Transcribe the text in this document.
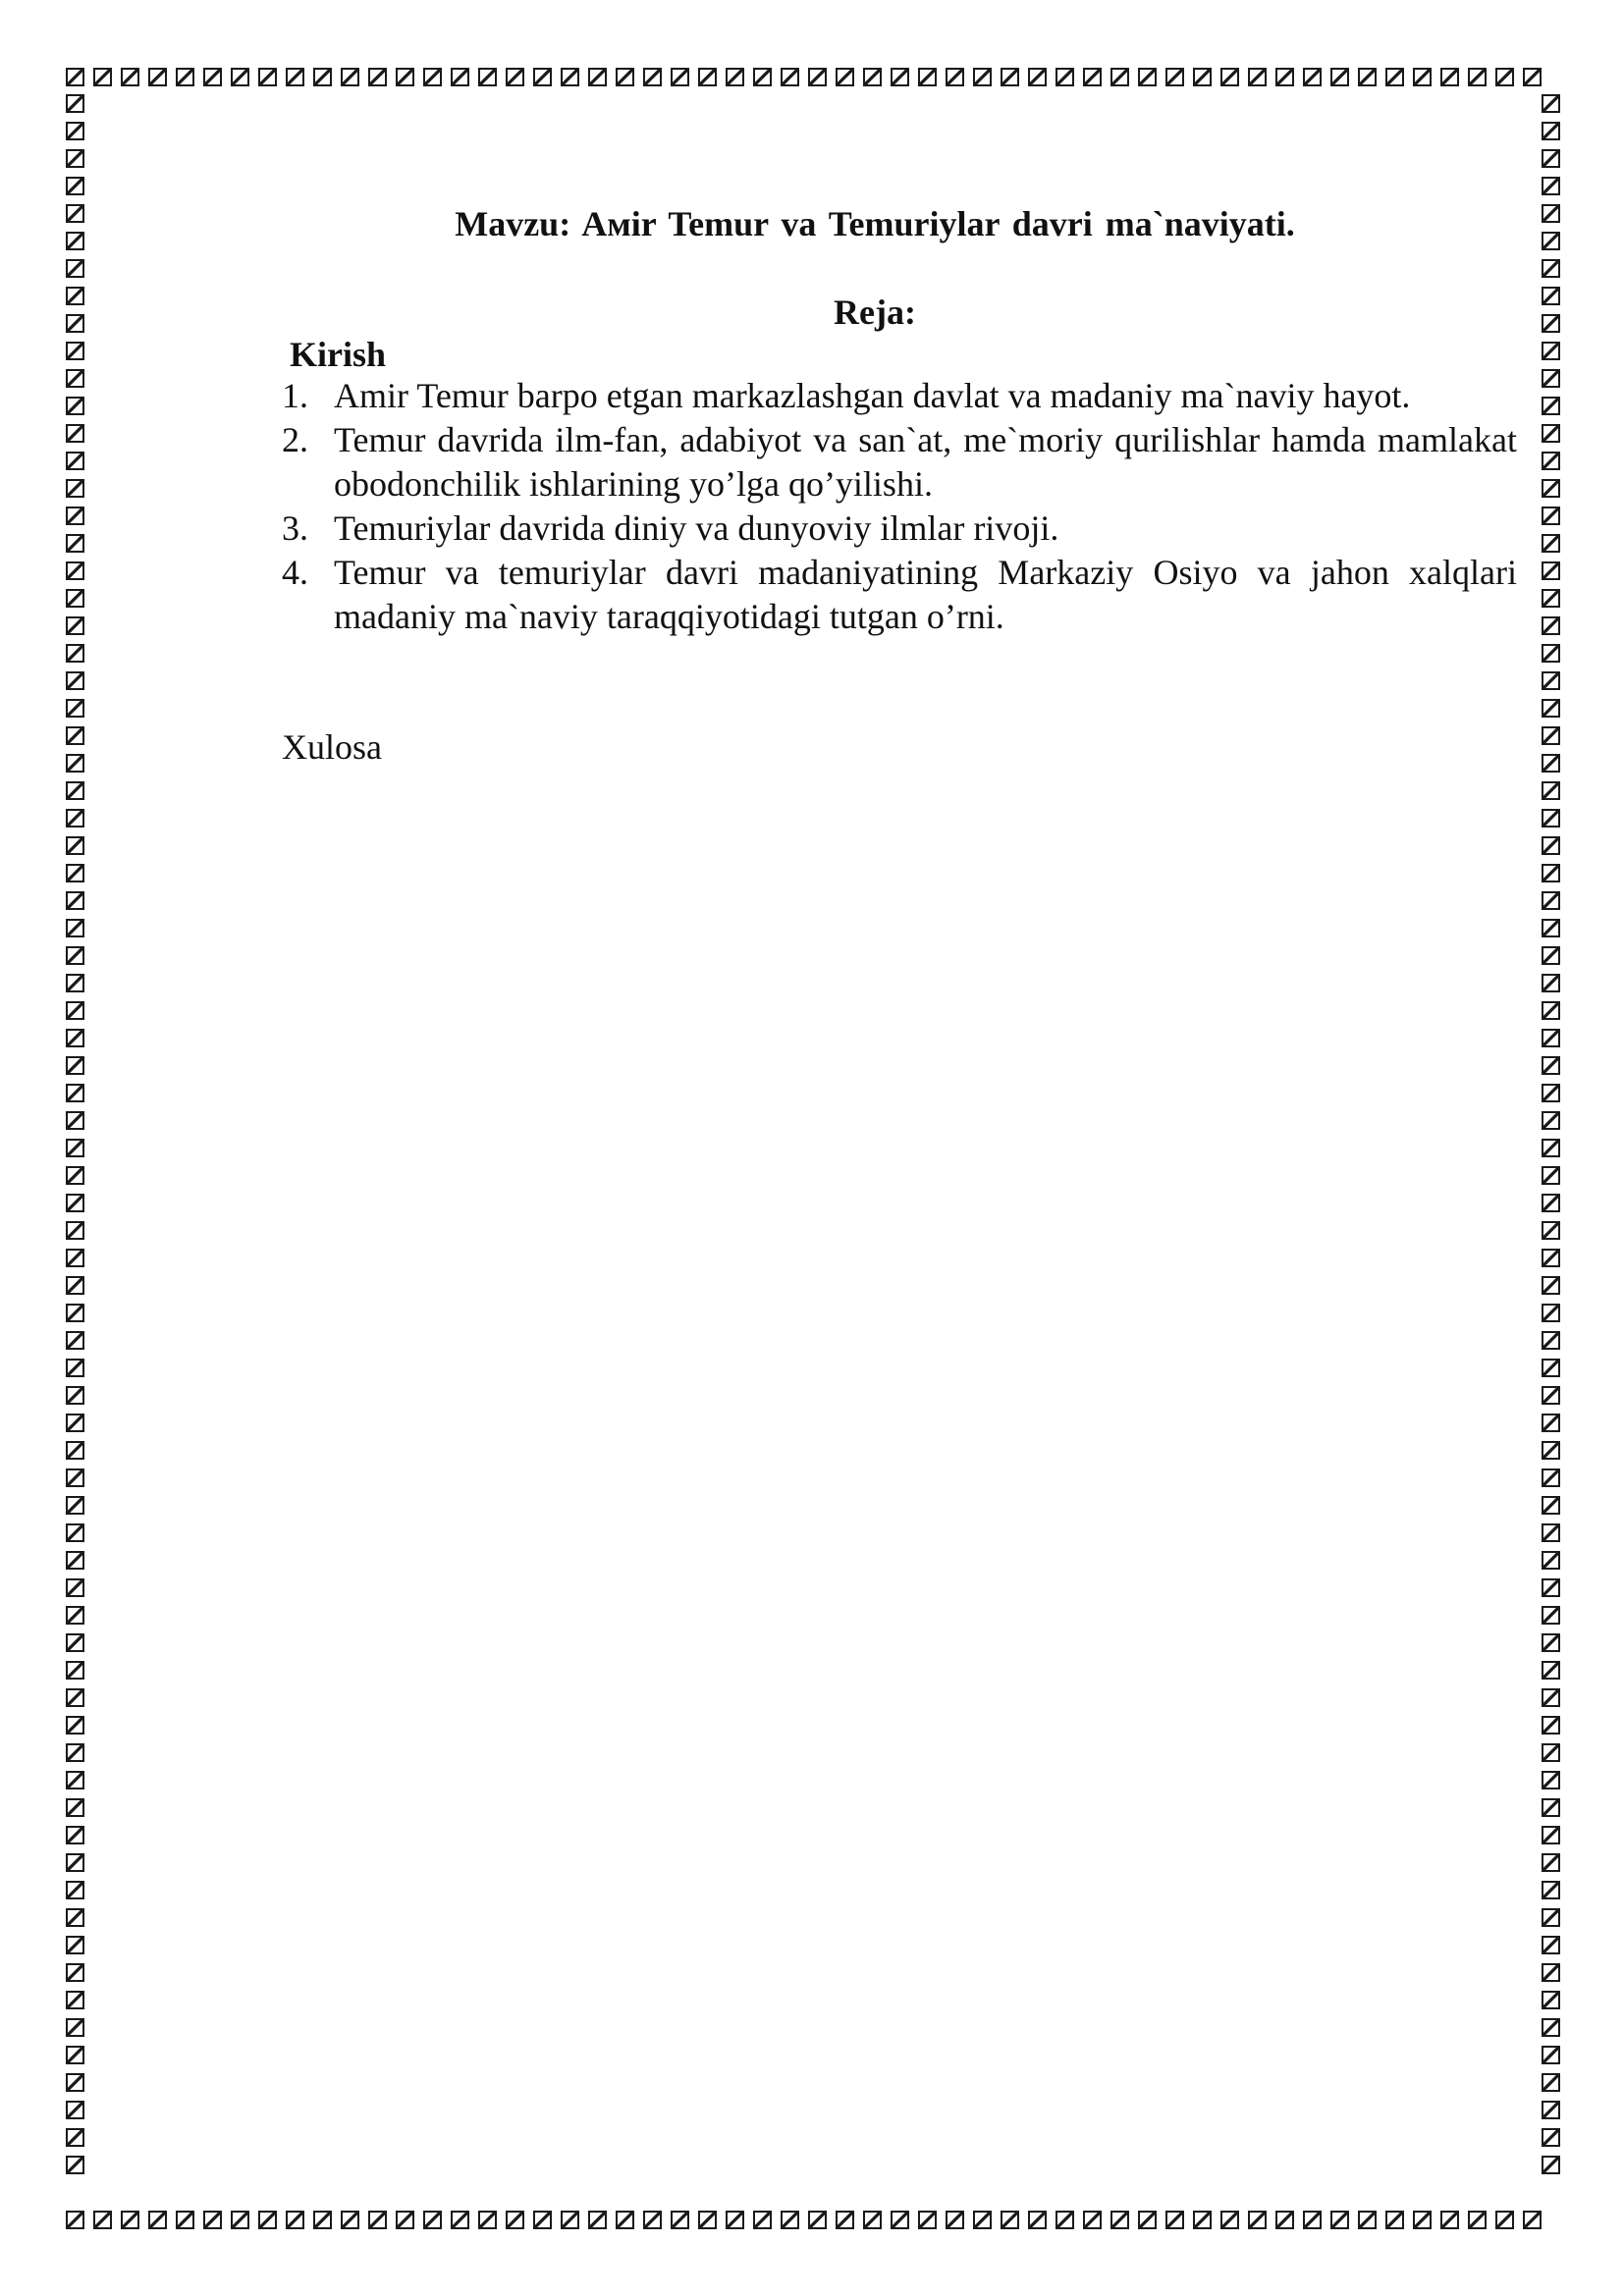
Mavzu: Aмir Temur va Temuriylar davri ma`naviyati.
Reja:

Kirish

1. Amir Temur barpo etgan markazlashgan davlat va madaniy ma`naviy hayot.
2. Temur davrida ilm-fan, adabiyot va san`at, me`moriy qurilishlar hamda mamlakat obodonchilik ishlarining yo’lga qo’yilishi.
3. Temuriylar davrida diniy va dunyoviy ilmlar rivoji.
4. Temur va temuriylar davri madaniyatining Markaziy Osiyo va jahon xalqlari madaniy ma`naviy taraqqiyotidagi tutgan o’rni.

Xulosa
